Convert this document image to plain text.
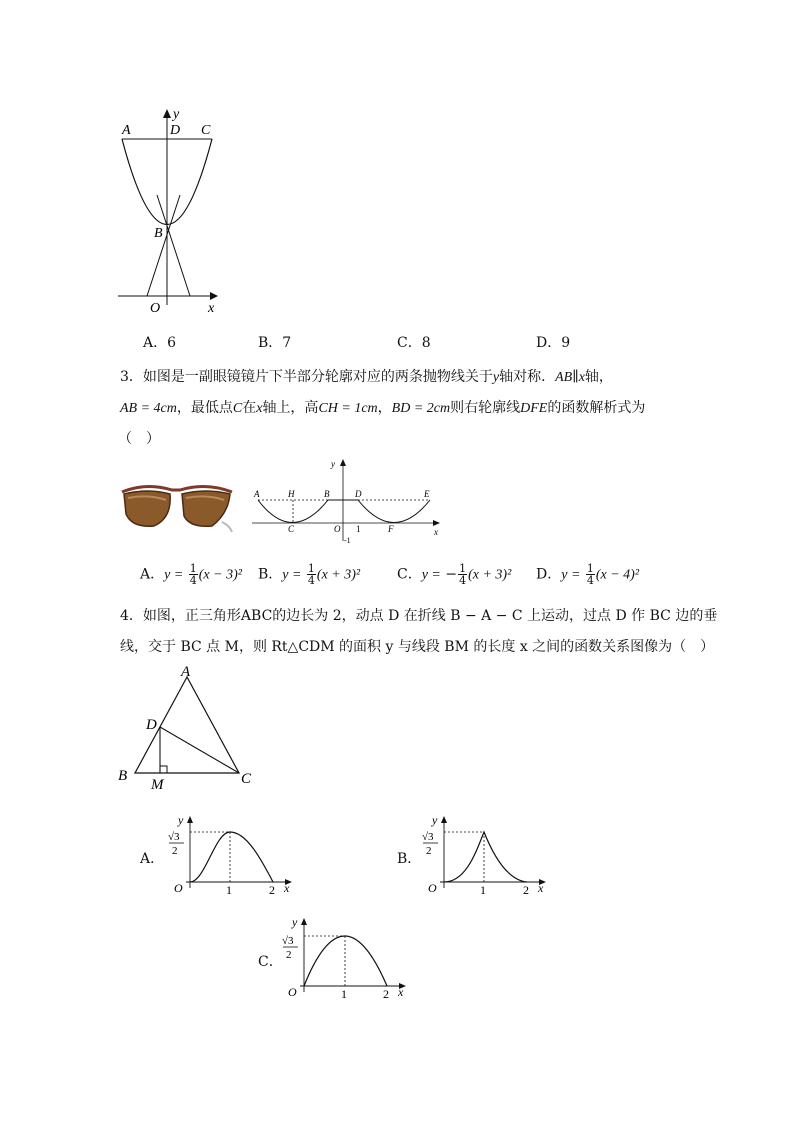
A	D C
B
O	x
y
A．6	B．7	C．8	D．9
3．如图是一副眼镜镜片下半部分轮廓对应的两条抛物线关于y轴对称．AB∥x轴，
AB = 4cm，最低点C在x轴上，高CH = 1cm，BD = 2cm则右轮廓线DFE的函数解析式为
（　）
A	H	B	D	E
C	O 1	F	x
y
-1
A．$y = \frac{1}{4} (x - 3)^2$ B．$y = \frac{1}{4} (x + 3)^2$	C．y = − $\frac{1}{4} (x + 3)^2$ D．$y = \frac{1}{4} (x - 4)^2$
4．如图，正三角形ABC的边长为 2，动点 D 在折线 B − A − C 上运动，过点 D 作 BC 边的垂
线，交于 BC 点 M，则 Rt△CDM 的面积 y 与线段 BM 的长度 x 之间的函数关系图像为（　）
A
D
B
M	C
A．
y
√3
2
O	1	2 x
B．
y
√3
2
O	1	2 x
C．
y
√3
2
O	1	2 x
